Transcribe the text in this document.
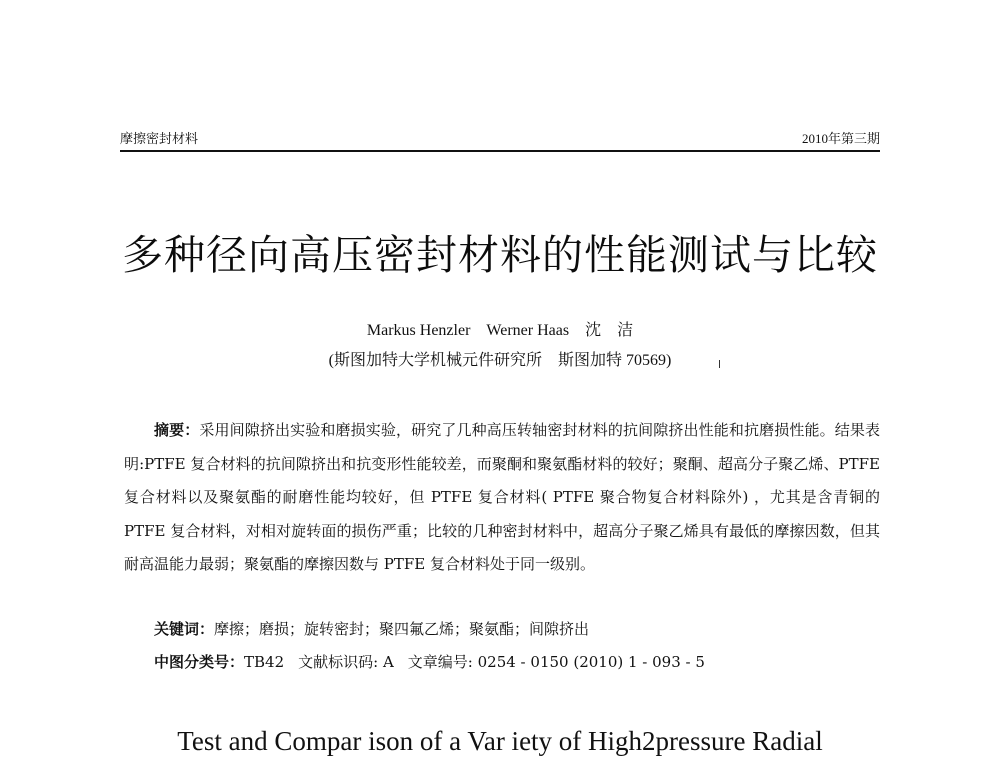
摩擦密封材料	2010年第三期
多种径向高压密封材料的性能测试与比较
Markus Henzler Werner Haas 沈　洁
(斯图加特大学机械元件研究所　斯图加特 70569)

摘要：采用间隙挤出实验和磨损实验，研究了几种高压转轴密封材料的抗间隙挤出性能和抗磨损性能。结果表明:PTFE 复合材料的抗间隙挤出和抗变形性能较差，而聚酮和聚氨酯材料的较好；聚酮、超高分子聚乙烯、PTFE 复合材料以及聚氨酯的耐磨性能均较好，但 PTFE 复合材料( PTFE 聚合物复合材料除外) ，尤其是含青铜的 PTFE 复合材料，对相对旋转面的损伤严重；比较的几种密封材料中，超高分子聚乙烯具有最低的摩擦因数，但其耐高温能力最弱；聚氨酯的摩擦因数与 PTFE 复合材料处于同一级别。

关键词：摩擦；磨损；旋转密封；聚四氟乙烯；聚氨酯；间隙挤出
中图分类号：TB42 文献标识码: A 文章编号: 0254 - 0150 (2010) 1 - 093 - 5
Test and Compar ison of a Var iety of High2pressure Radial
